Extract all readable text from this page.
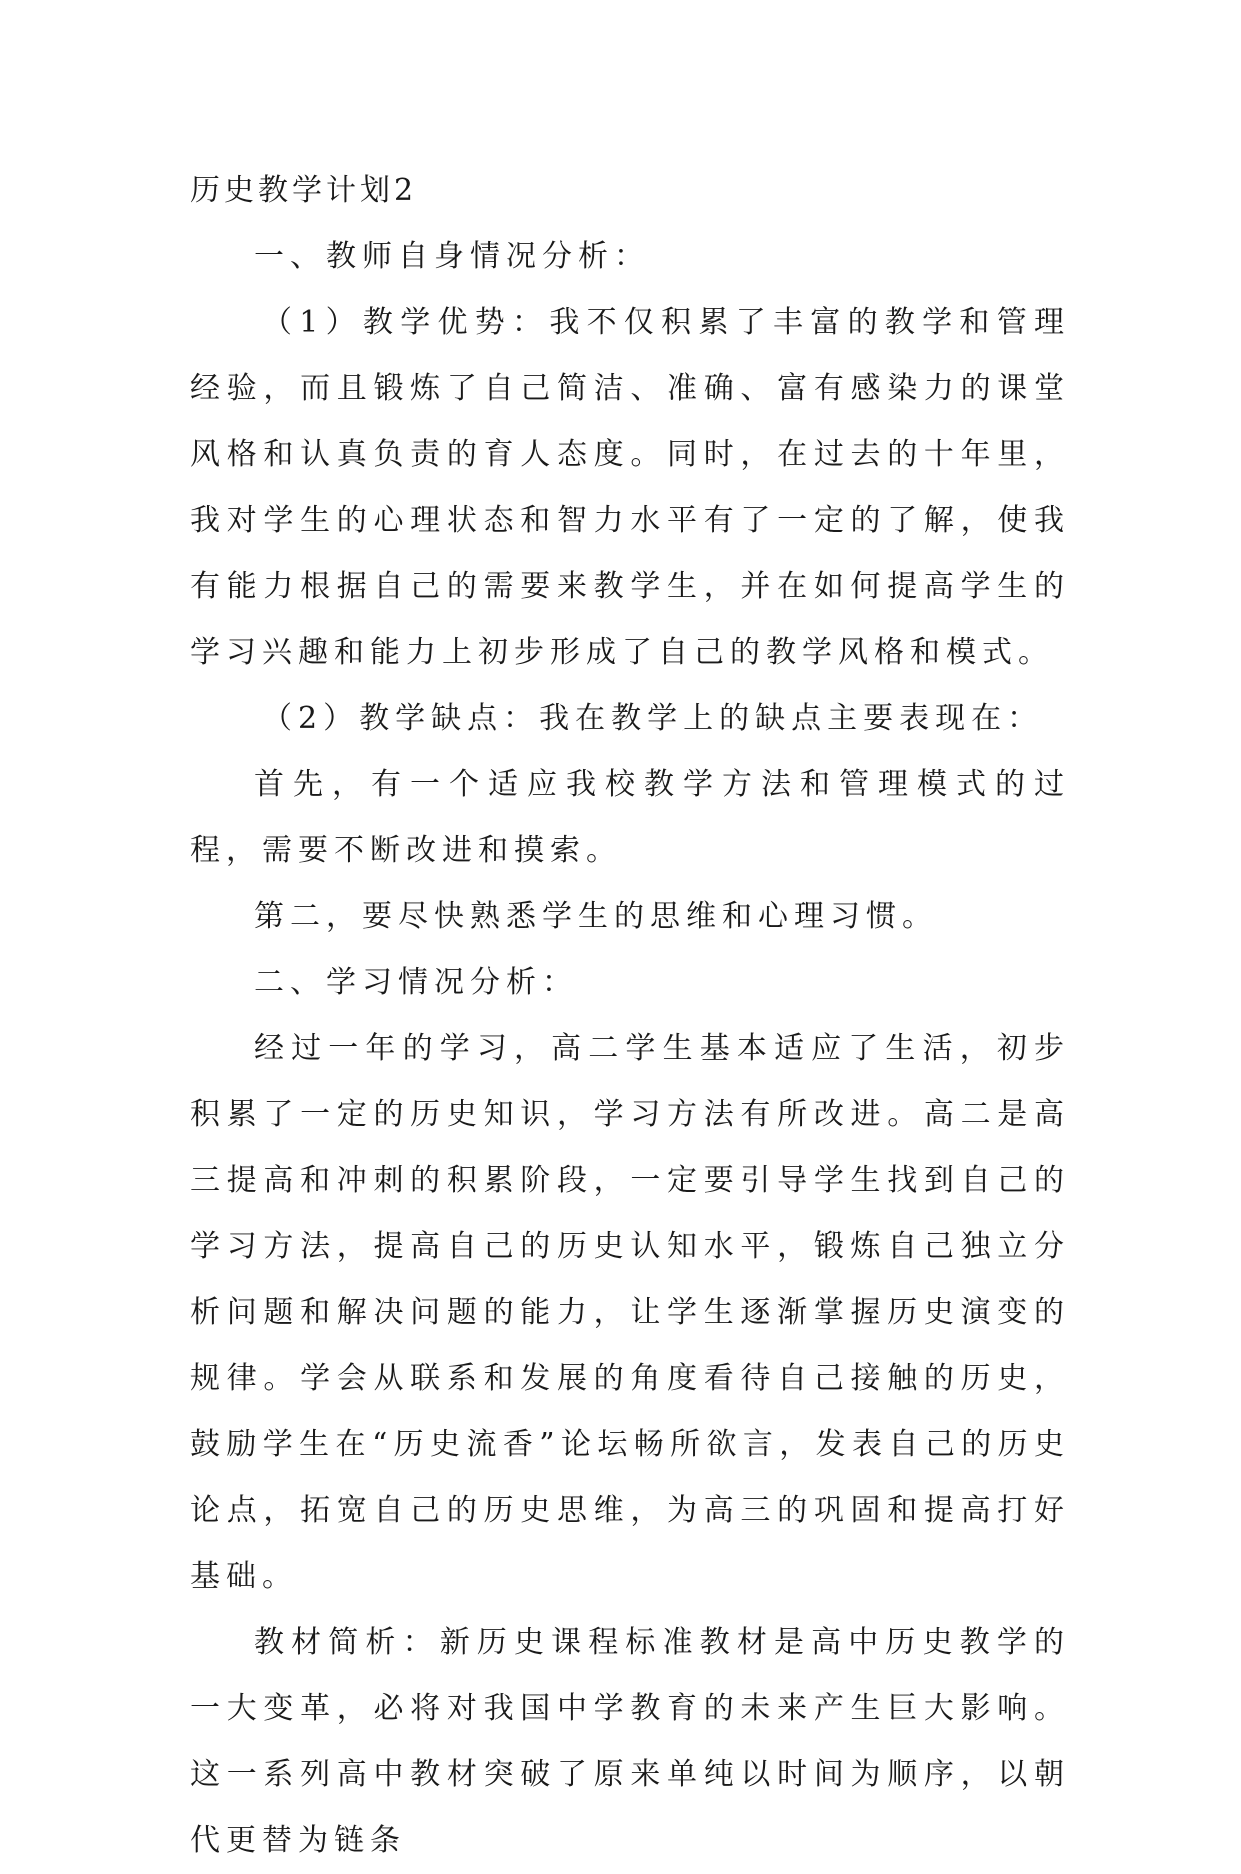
历史教学计划2

一、教师自身情况分析：

（1）教学优势：我不仅积累了丰富的教学和管理经验，而且锻炼了自己简洁、准确、富有感染力的课堂风格和认真负责的育人态度。同时，在过去的十年里，我对学生的心理状态和智力水平有了一定的了解，使我有能力根据自己的需要来教学生，并在如何提高学生的学习兴趣和能力上初步形成了自己的教学风格和模式。

（2）教学缺点：我在教学上的缺点主要表现在：

首先，有一个适应我校教学方法和管理模式的过程，需要不断改进和摸索。

第二，要尽快熟悉学生的思维和心理习惯。

二、学习情况分析：

经过一年的学习，高二学生基本适应了生活，初步积累了一定的历史知识，学习方法有所改进。高二是高三提高和冲刺的积累阶段，一定要引导学生找到自己的学习方法，提高自己的历史认知水平，锻炼自己独立分析问题和解决问题的能力，让学生逐渐掌握历史演变的规律。学会从联系和发展的角度看待自己接触的历史，鼓励学生在“历史流香”论坛畅所欲言，发表自己的历史论点，拓宽自己的历史思维，为高三的巩固和提高打好基础。

教材简析：新历史课程标准教材是高中历史教学的一大变革，必将对我国中学教育的未来产生巨大影响。这一系列高中教材突破了原来单纯以时间为顺序，以朝代更替为链条
